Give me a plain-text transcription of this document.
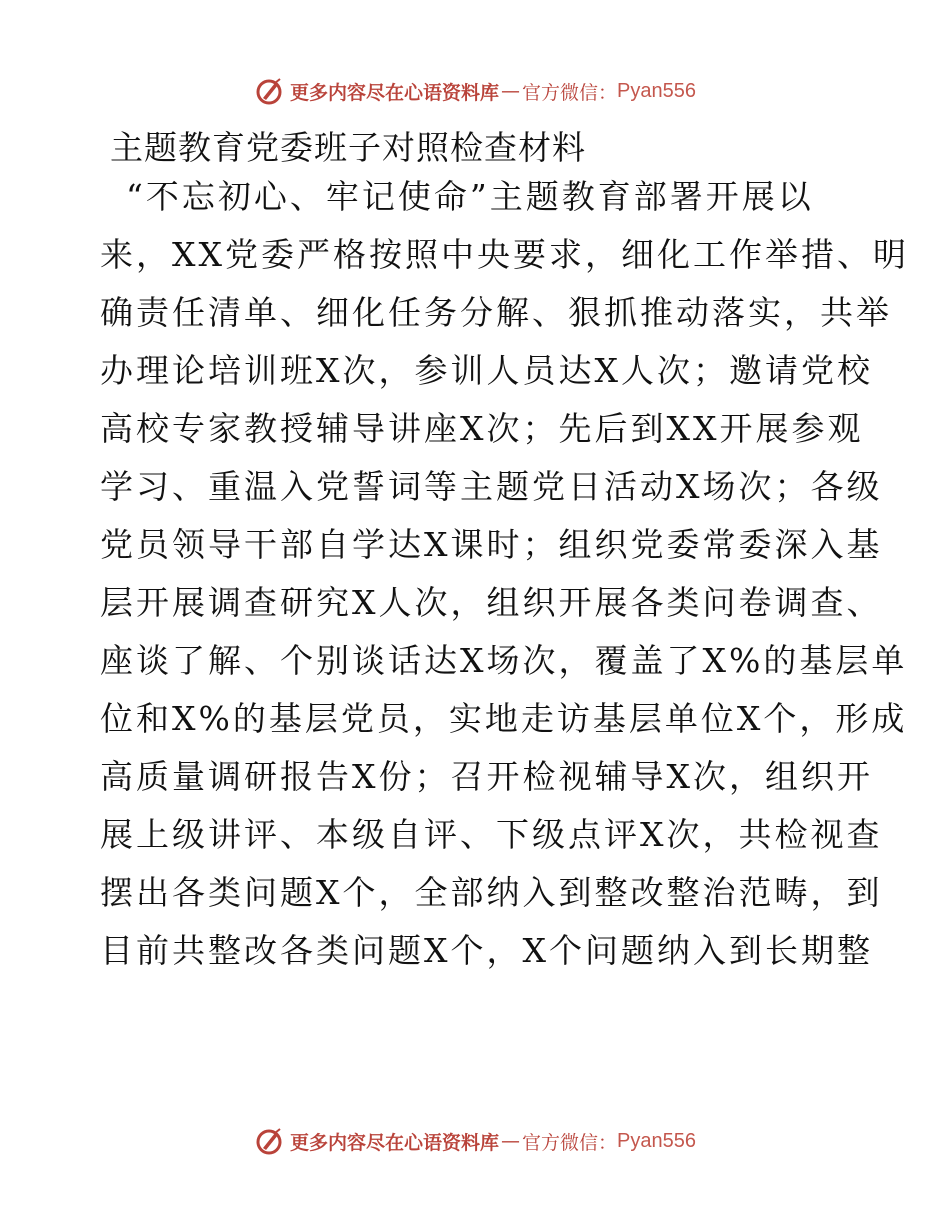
更多内容尽在心语资料库 — 官方微信： Pyan556
主题教育党委班子对照检查材料
“不忘初心、牢记使命”主题教育部署开展以
来，XX党委严格按照中央要求，细化工作举措、明
确责任清单、细化任务分解、狠抓推动落实，共举
办理论培训班X次，参训人员达X人次；邀请党校
高校专家教授辅导讲座X次；先后到XX开展参观
学习、重温入党誓词等主题党日活动X场次；各级
党员领导干部自学达X课时；组织党委常委深入基
层开展调查研究X人次，组织开展各类问卷调查、
座谈了解、个别谈话达X场次，覆盖了X%的基层单
位和X%的基层党员，实地走访基层单位X个，形成
高质量调研报告X份；召开检视辅导X次，组织开
展上级讲评、本级自评、下级点评X次，共检视查
摆出各类问题X个，全部纳入到整改整治范畴，到
目前共整改各类问题X个，X个问题纳入到长期整
更多内容尽在心语资料库 — 官方微信： Pyan556
